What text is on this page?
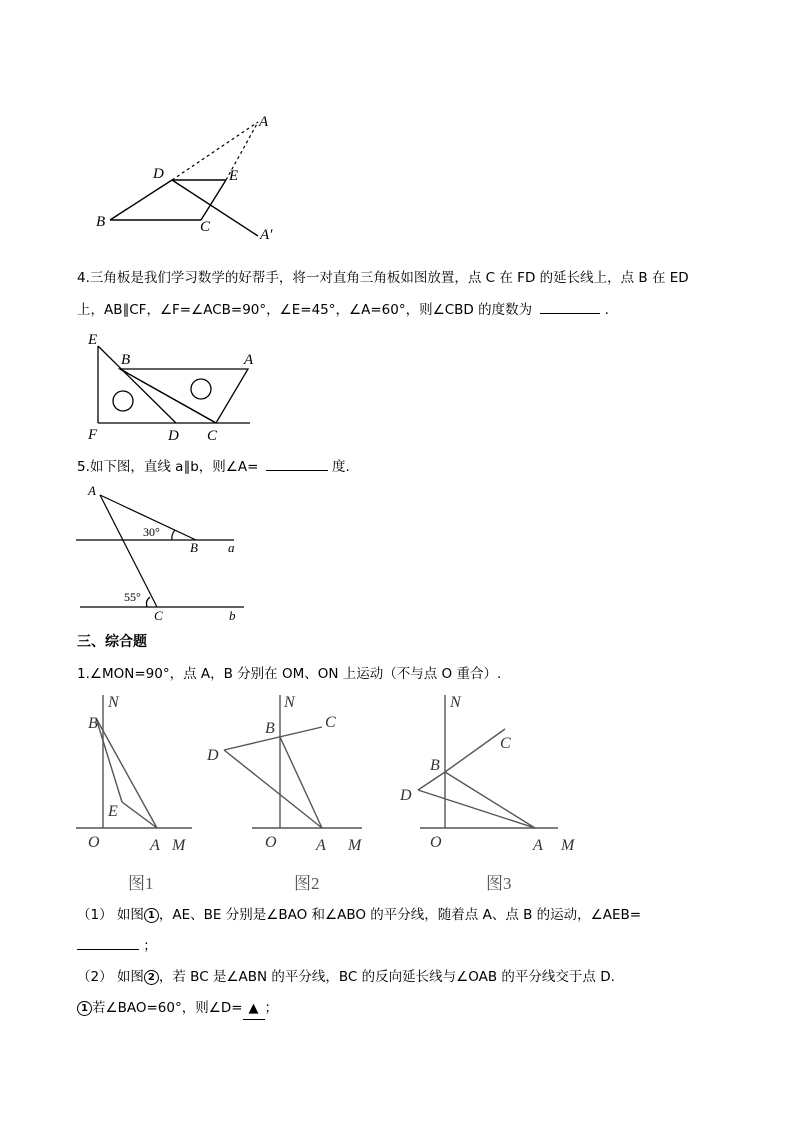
A
D	E
B	C	A′
4.三角板是我们学习数学的好帮手，将一对直角三角板如图放置，点 C 在 FD 的延长线上，点 B 在 ED
上，AB∥CF，∠F=∠ACB=90°，∠E=45°，∠A=60°，则∠CBD 的度数为	.
E
B	A
F	D C
5.如下图，直线 a∥b，则∠A=	度.
A
B a
C	b
30°
55°
三、综合题
1.∠MON=90°，点 A，B 分别在 OM、ON 上运动（不与点 O 重合）.
N
B
E
O	A M
图1
N
B	C
D
O A M
图2
N
C
B
D
O	A M
图3
（1） 如图 1 ，AE、BE 分别是∠BAO 和∠ABO 的平分线，随着点 A、点 B 的运动，∠AEB=
；
（2） 如图 2 ，若 BC 是∠ABN 的平分线，BC 的反向延长线与∠OAB 的平分线交于点 D.
1 若∠BAO=60°，则∠D= ▲ ；
